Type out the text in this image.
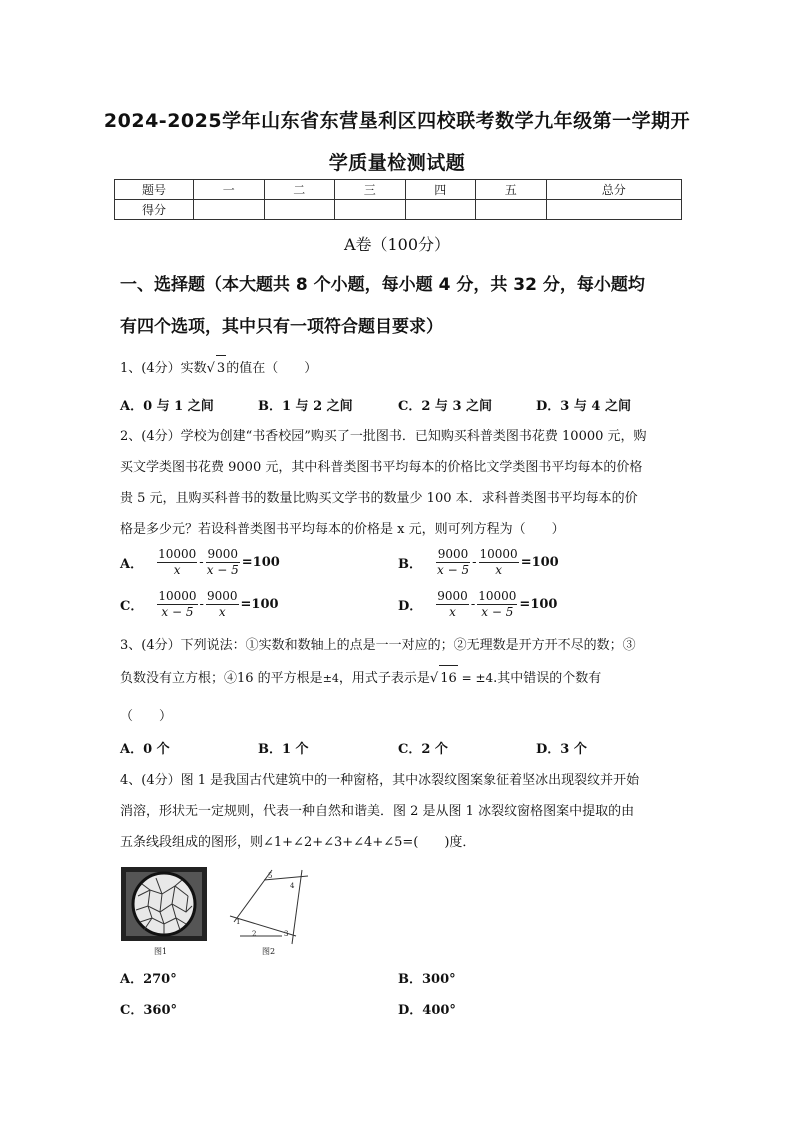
2024-2025学年山东省东营垦利区四校联考数学九年级第一学期开
学质量检测试题
题号	一	二	三	四	五	总分
得分						
A卷（100分）
一、选择题（本大题共 8 个小题，每小题 4 分，共 32 分，每小题均
有四个选项，其中只有一项符合题目要求）
1、(4分）实数√ 3的值在（　　）
A．0 与 1 之间	B．1 与 2 之间	C．2 与 3 之间	D．3 与 4 之间
2、(4分）学校为创建“书香校园”购买了一批图书．已知购买科普类图书花费 10000 元，购
买文学类图书花费 9000 元，其中科普类图书平均每本的价格比文学类图书平均每本的价格
贵 5 元，且购买科普书的数量比购买文学书的数量少 100 本．求科普类图书平均每本的价
格是多少元？若设科普类图书平均每本的价格是 x 元，则可列方程为（　　）
A． $\frac{10000}{x} - \frac{9000}{x - 5} =100$	B． $\frac{9000}{x - 5} - \frac{10000}{x} =100$
C． $\frac{10000}{x - 5} - \frac{9000}{x} =100$	D． $\frac{9000}{x} - \frac{10000}{x - 5} =100$
3、(4分）下列说法：①实数和数轴上的点是一一对应的；②无理数是开方开不尽的数；③
负数没有立方根；④16 的平方根是±4，用式子表示是√ 16 = ±4.其中错误的个数有
（　　）
A．0 个	B．1 个	C．2 个	D．3 个
4、(4分）图 1 是我国古代建筑中的一种窗格，其中冰裂纹图案象征着坚冰出现裂纹并开始
消溶，形状无一定规则，代表一种自然和谐美．图 2 是从图 1 冰裂纹窗格图案中提取的由
五条线段组成的图形，则∠1+∠2+∠3+∠4+∠5=(　　)度．
图1
1
2	3
4
5
图2
A．270°	B．300°
C．360°	D．400°
